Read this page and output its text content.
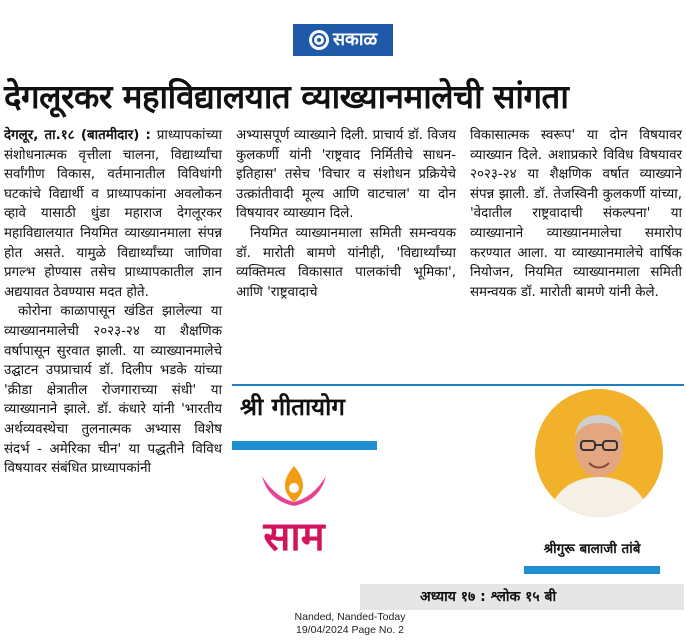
सकाळ
देगलूरकर महाविद्यालयात व्याख्यानमालेची सांगता
देगलूर, ता.१८ (बातमीदार) : प्राध्यापकांच्या संशोधनात्मक वृत्तीला चालना, विद्यार्थ्यांचा सर्वांगीण विकास, वर्तमानातील विविधांगी घटकांचे विद्यार्थी व प्राध्यापकांना अवलोकन व्हावे यासाठी धुंडा महाराज देगलूरकर महाविद्यालयात नियमित व्याख्यानमाला संपन्न होत असते. यामुळे विद्यार्थ्यांच्या जाणिवा प्रगल्भ होण्यास तसेच प्राध्यापकातील ज्ञान अद्ययावत ठेवण्यास मदत होते.

कोरोना काळापासून खंडित झालेल्या या व्याख्यानमालेची २०२३-२४ या शैक्षणिक वर्षापासून सुरवात झाली. या व्याख्यानमालेचे उद्घाटन उपप्राचार्य डॉ. दिलीप भडके यांच्या 'क्रीडा क्षेत्रातील रोजगाराच्या संधी' या व्याख्यानाने झाले. डॉ. कंधारे यांनी 'भारतीय अर्थव्यवस्थेचा तुलनात्मक अभ्यास विशेष संदर्भ - अमेरिका चीन' या पद्धतीने विविध विषयावर संबंधित प्राध्यापकांनी

अभ्यासपूर्ण व्याख्याने दिली. प्राचार्य डॉ. विजय कुलकर्णी यांनी 'राष्ट्रवाद निर्मितीचे साधन-इतिहास' तसेच 'विचार व संशोधन प्रक्रियेचे उत्क्रांतीवादी मूल्य आणि वाटचाल' या दोन विषयावर व्याख्यान दिले.

नियमित व्याख्यानमाला समिती समन्वयक डॉ. मारोती बामणे यांनीही, 'विद्यार्थ्यांच्या व्यक्तिमत्व विकासात पालकांची भूमिका', आणि 'राष्ट्रवादाचे

विकासात्मक स्वरूप' या दोन विषयावर व्याख्यान दिले. अशाप्रकारे विविध विषयावर २०२३-२४ या शैक्षणिक वर्षात व्याख्याने संपन्न झाली. डॉ. तेजस्विनी कुलकर्णी यांच्या, 'वेदातील राष्ट्रवादाची संकल्पना' या व्याख्यानाने व्याख्यानमालेचा समारोप करण्यात आला. या व्याख्यानमालेचे वार्षिक नियोजन, नियमित व्याख्यानमाला समिती समन्वयक डॉ. मारोती बामणे यांनी केले.
श्री गीतायोग
साम	श्रीगुरू बालाजी तांबे
अध्याय १७ : श्लोक १५ बी
Nanded, Nanded-Today
19/04/2024 Page No. 2
